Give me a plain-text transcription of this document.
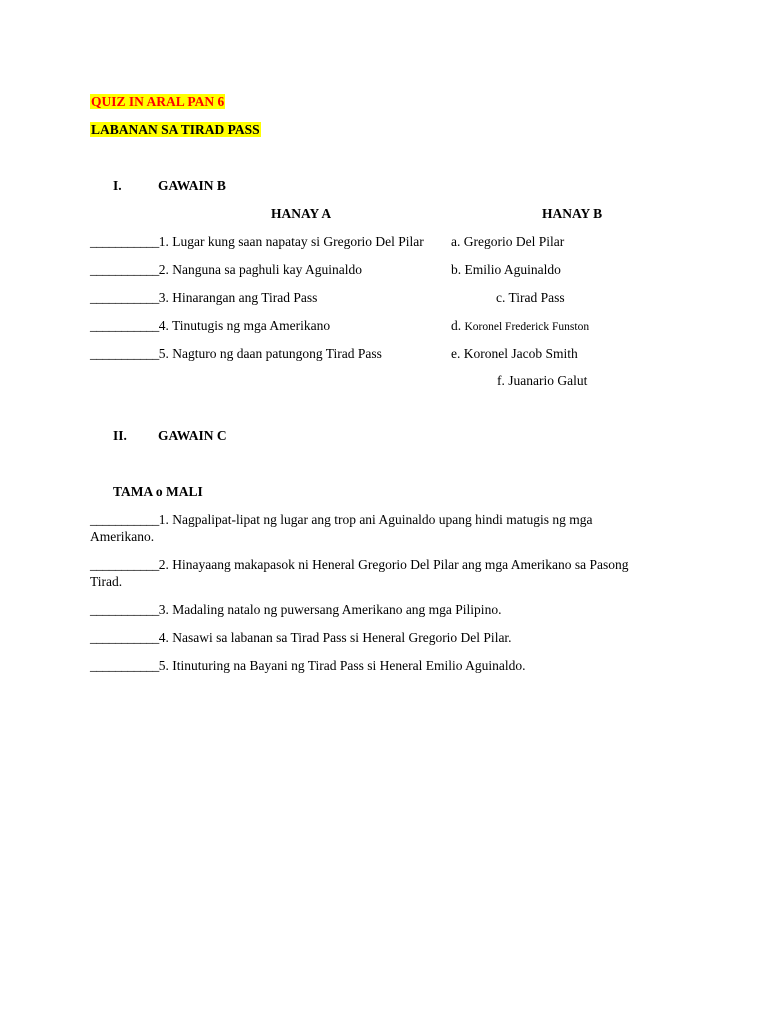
QUIZ IN ARAL PAN 6
LABANAN SA TIRAD PASS
I.	GAWAIN B
HANAY A	HANAY B
___________1. Lugar kung saan napatay si Gregorio Del Pilar
___________2. Nanguna sa paghuli kay Aguinaldo
___________3. Hinarangan ang Tirad Pass
___________4. Tinutugis ng mga Amerikano
___________5. Nagturo ng daan patungong Tirad Pass
a. Gregorio Del Pilar
b. Emilio Aguinaldo
c. Tirad Pass
d. Koronel Frederick Funston
e. Koronel Jacob Smith
f. Juanario Galut
II. GAWAIN C
TAMA o MALI
___________1. Nagpalipat-lipat ng lugar ang trop ani Aguinaldo upang hindi matugis ng mga
Amerikano.
___________2. Hinayaang makapasok ni Heneral Gregorio Del Pilar ang mga Amerikano sa Pasong
Tirad.
___________3. Madaling natalo ng puwersang Amerikano ang mga Pilipino.
___________4. Nasawi sa labanan sa Tirad Pass si Heneral Gregorio Del Pilar.
___________5. Itinuturing na Bayani ng Tirad Pass si Heneral Emilio Aguinaldo.
